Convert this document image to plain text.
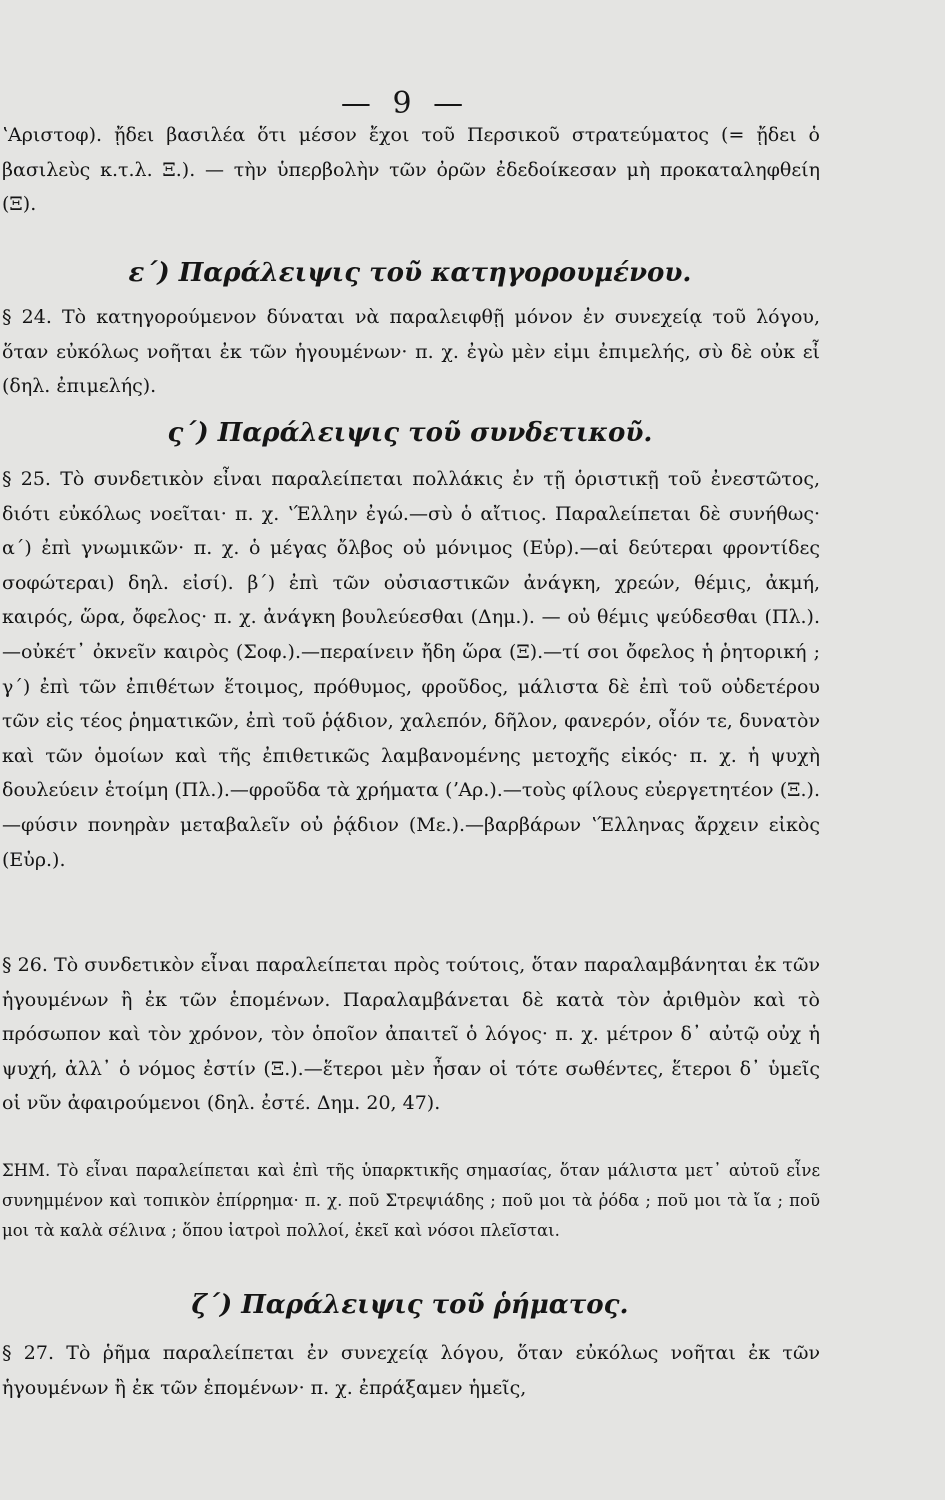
— 9 —

ʽΑριστοφ). ᾔδει βασιλέα ὅτι μέσον ἔχοι τοῦ Περσικοῦ στρατεύματος (= ᾔδει ὁ βασιλεὺς κ.τ.λ. Ξ.). — τὴν ὑπερβολὴν τῶν ὀρῶν ἐδεδοίκεσαν μὴ προκαταληφθείη (Ξ).

ε΄) Παράλειψις τοῦ κατηγορουμένου.

§ 24. Τὸ κατηγορούμενον δύναται νὰ παραλειφθῇ μόνον ἐν συνεχείᾳ τοῦ λόγου, ὅταν εὐκόλως νοῆται ἐκ τῶν ἡγουμένων· π. χ. ἐγὼ μὲν εἰμι ἐπιμελής, σὺ δὲ οὐκ εἶ (δηλ. ἐπιμελής).

ς΄) Παράλειψις τοῦ συνδετικοῦ.

§ 25. Τὸ συνδετικὸν εἶναι παραλείπεται πολλάκις ἐν τῇ ὁριστικῇ τοῦ ἐνεστῶτος, διότι εὐκόλως νοεῖται· π. χ. ʽΈλλην ἐγώ.—σὺ ὁ αἴτιος. Παραλείπεται δὲ συνήθως· α΄) ἐπὶ γνωμικῶν· π. χ. ὁ μέγας ὄλβος οὐ μόνιμος (Εὐρ).—αἱ δεύτεραι φροντίδες σοφώτεραι) δηλ. εἰσί). β΄) ἐπὶ τῶν οὐσιαστικῶν ἀνάγκη, χρεών, θέμις, ἀκμή, καιρός, ὥρα, ὄφελος· π. χ. ἀνάγκη βουλεύεσθαι (Δημ.). — οὐ θέμις ψεύδεσθαι (Πλ.).—οὐκέτ᾽ ὀκνεῖν καιρὸς (Σοφ.).—περαίνειν ἤδη ὥρα (Ξ).—τί σοι ὄφελος ἡ ῥητορική ; γ΄) ἐπὶ τῶν ἐπιθέτων ἕτοιμος, πρόθυμος, φροῦδος, μάλιστα δὲ ἐπὶ τοῦ οὐδετέρου τῶν εἰς τέος ῥηματικῶν, ἐπὶ τοῦ ῥᾴδιον, χαλεπόν, δῆλον, φανερόν, οἷόν τε, δυνατὸν καὶ τῶν ὁμοίων καὶ τῆς ἐπιθετικῶς λαμβανομένης μετοχῆς εἰκός· π. χ. ἡ ψυχὴ δουλεύειν ἑτοίμη (Πλ.).—φροῦδα τὰ χρήματα (ʼΑρ.).—τοὺς φίλους εὐεργετητέον (Ξ.).—φύσιν πονηρὰν μεταβαλεῖν οὐ ῥᾴδιον (Με.).—βαρβάρων ʽΈλληνας ἄρχειν εἰκὸς (Εὐρ.).

§ 26. Τὸ συνδετικὸν εἶναι παραλείπεται πρὸς τούτοις, ὅταν παραλαμβάνηται ἐκ τῶν ἡγουμένων ἢ ἐκ τῶν ἑπομένων. Παραλαμβάνεται δὲ κατὰ τὸν ἀριθμὸν καὶ τὸ πρόσωπον καὶ τὸν χρόνον, τὸν ὁποῖον ἀπαιτεῖ ὁ λόγος· π. χ. μέτρον δ᾽ αὐτῷ οὐχ ἡ ψυχή, ἀλλ᾽ ὁ νόμος ἐστίν (Ξ.).—ἕτεροι μὲν ἦσαν οἱ τότε σωθέντες, ἕτεροι δ᾽ ὑμεῖς οἱ νῦν ἀφαιρούμενοι (δηλ. ἐστέ. Δημ. 20, 47).

ΣΗΜ. Τὸ εἶναι παραλείπεται καὶ ἐπὶ τῆς ὑπαρκτικῆς σημασίας, ὅταν μάλιστα μετ᾽ αὐτοῦ εἶνε συνημμένον καὶ τοπικὸν ἐπίρρημα· π. χ. ποῦ Στρεψιάδης ; ποῦ μοι τὰ ῥόδα ; ποῦ μοι τὰ ἴα ; ποῦ μοι τὰ καλὰ σέλινα ; ὅπου ἰατροὶ πολλοί, ἐκεῖ καὶ νόσοι πλεῖσται.

ζ΄) Παράλειψις τοῦ ῥήματος.

§ 27. Τὸ ῥῆμα παραλείπεται ἐν συνεχείᾳ λόγου, ὅταν εὐκόλως νοῆται ἐκ τῶν ἡγουμένων ἢ ἐκ τῶν ἑπομένων· π. χ. ἐπράξαμεν ἡμεῖς,
